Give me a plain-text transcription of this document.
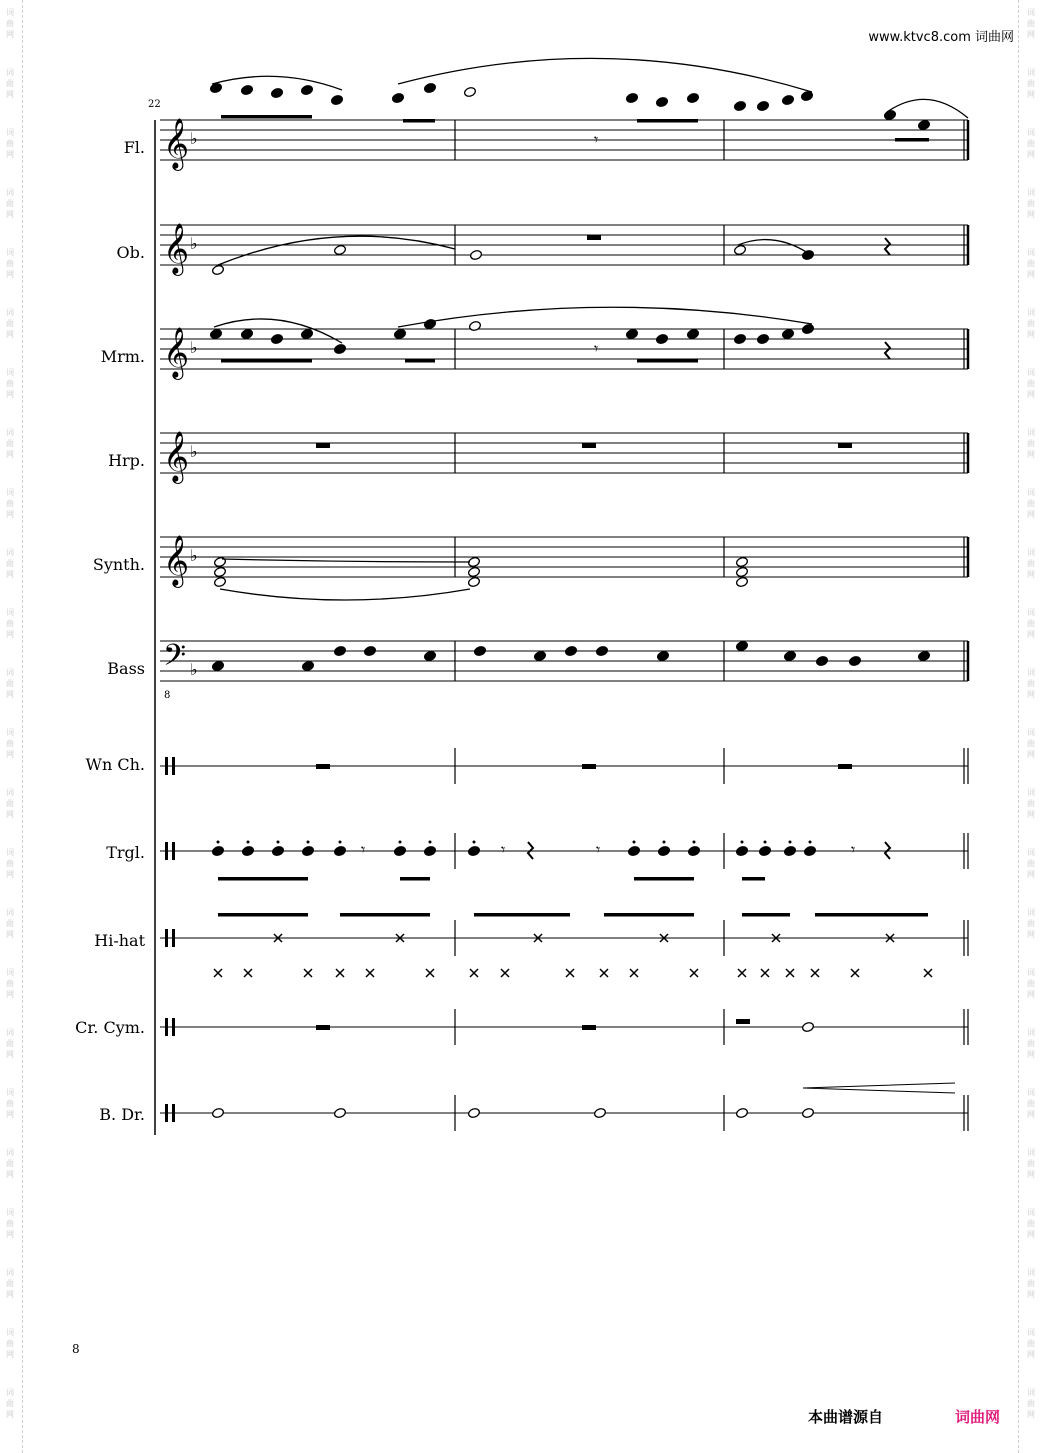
词
曲
网
词
曲
网
词
曲
网
词
曲
网
词
曲
网
词
曲
网
词
曲
网
词
曲
网
词
曲
网
词
曲
网
词
曲
网
词
曲
网
词
曲
网
词
曲
网
词
曲
网
词
曲
网
词
曲
网
词
曲
网
词
曲
网
词
曲
网
词
曲
网
词
曲
网
词
曲
网
词
曲
网
词
曲
网
词
曲
网
词
曲
网
词
曲
网
词
曲
网
词
曲
网
词
曲
网
词
曲
网
词
曲
网
词
曲
网
词
曲
网
词
曲
网
词
曲
网
词
曲
网
词
曲
网
词
曲
网
词
曲
网
词
曲
网
词
曲
网
词
曲
网
词
曲
网
词
曲
网
词
曲
网
词
曲
网
www.ktvc8.com 词曲网
22
Fl.
Ob.
Mrm.
Hrp.
Synth.
Bass
Wn Ch.
Trgl.
Hi-hat
Cr. Cym.
B. Dr.
𝄞 ♭
𝄞 ♭
𝄞 ♭
𝄞 ♭
𝄞 ♭
𝄢
8
♭
𝄾
𝄾
𝄾	𝄾	𝄾	𝄾
8
本曲谱源自	词曲网
